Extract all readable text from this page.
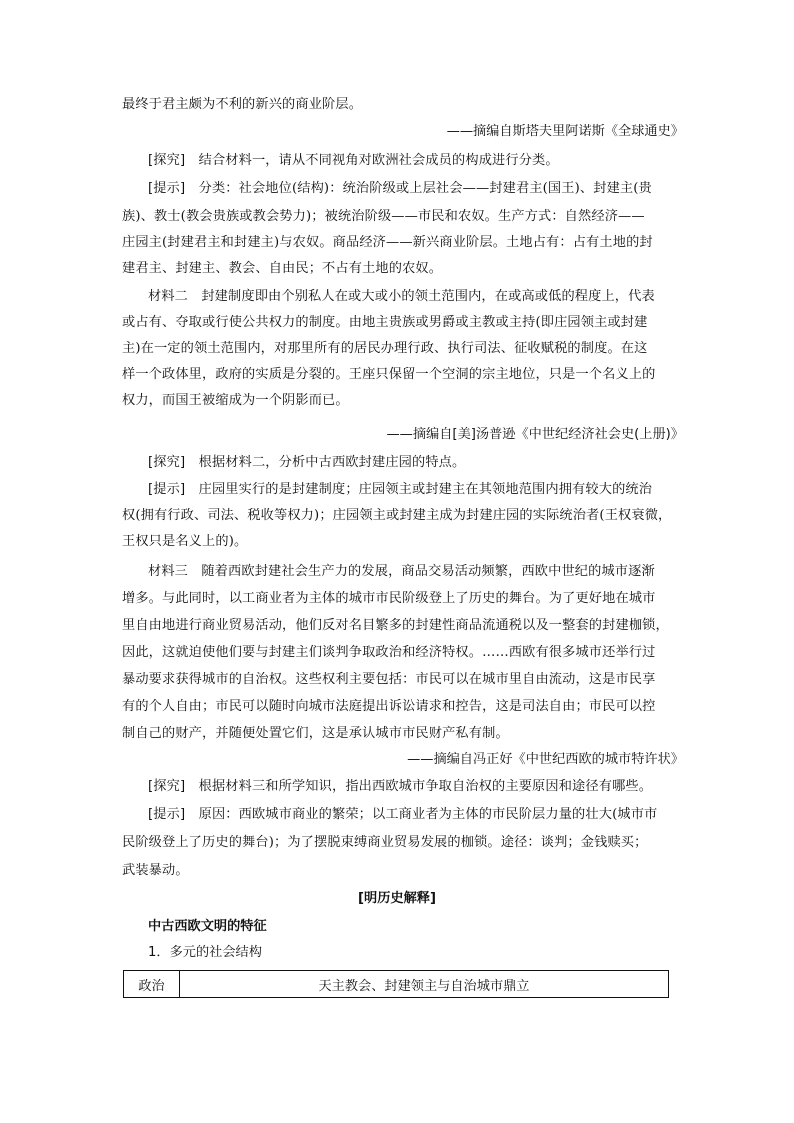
最终于君主颇为不利的新兴的商业阶层。
——摘编自斯塔夫里阿诺斯《全球通史》
[探究]　结合材料一，请从不同视角对欧洲社会成员的构成进行分类。
[提示]　分类：社会地位(结构)：统治阶级或上层社会——封建君主(国王)、封建主(贵
族)、教士(教会贵族或教会势力)；被统治阶级——市民和农奴。生产方式：自然经济——
庄园主(封建君主和封建主)与农奴。商品经济——新兴商业阶层。土地占有：占有土地的封
建君主、封建主、教会、自由民；不占有土地的农奴。
材料二　封建制度即由个别私人在或大或小的领土范围内，在或高或低的程度上，代表
或占有、夺取或行使公共权力的制度。由地主贵族或男爵或主教或主持(即庄园领主或封建
主)在一定的领土范围内，对那里所有的居民办理行政、执行司法、征收赋税的制度。在这
样一个政体里，政府的实质是分裂的。王座只保留一个空洞的宗主地位，只是一个名义上的
权力，而国王被缩成为一个阴影而已。
——摘编自[美]汤普逊《中世纪经济社会史(上册)》
[探究]　根据材料二，分析中古西欧封建庄园的特点。
[提示]　庄园里实行的是封建制度；庄园领主或封建主在其领地范围内拥有较大的统治
权(拥有行政、司法、税收等权力)；庄园领主或封建主成为封建庄园的实际统治者(王权衰微，
王权只是名义上的)。
材料三　随着西欧封建社会生产力的发展，商品交易活动频繁，西欧中世纪的城市逐渐
增多。与此同时，以工商业者为主体的城市市民阶级登上了历史的舞台。为了更好地在城市
里自由地进行商业贸易活动，他们反对名目繁多的封建性商品流通税以及一整套的封建枷锁，
因此，这就迫使他们要与封建主们谈判争取政治和经济特权。……西欧有很多城市还举行过
暴动要求获得城市的自治权。这些权利主要包括：市民可以在城市里自由流动，这是市民享
有的个人自由；市民可以随时向城市法庭提出诉讼请求和控告，这是司法自由；市民可以控
制自己的财产，并随便处置它们，这是承认城市市民财产私有制。
——摘编自冯正好《中世纪西欧的城市特许状》
[探究]　根据材料三和所学知识，指出西欧城市争取自治权的主要原因和途径有哪些。
[提示]　原因：西欧城市商业的繁荣；以工商业者为主体的市民阶层力量的壮大(城市市
民阶级登上了历史的舞台)；为了摆脱束缚商业贸易发展的枷锁。途径：谈判；金钱赎买；
武装暴动。
[明历史解释]
中古西欧文明的特征
1．多元的社会结构
政治	天主教会、封建领主与自治城市鼎立
